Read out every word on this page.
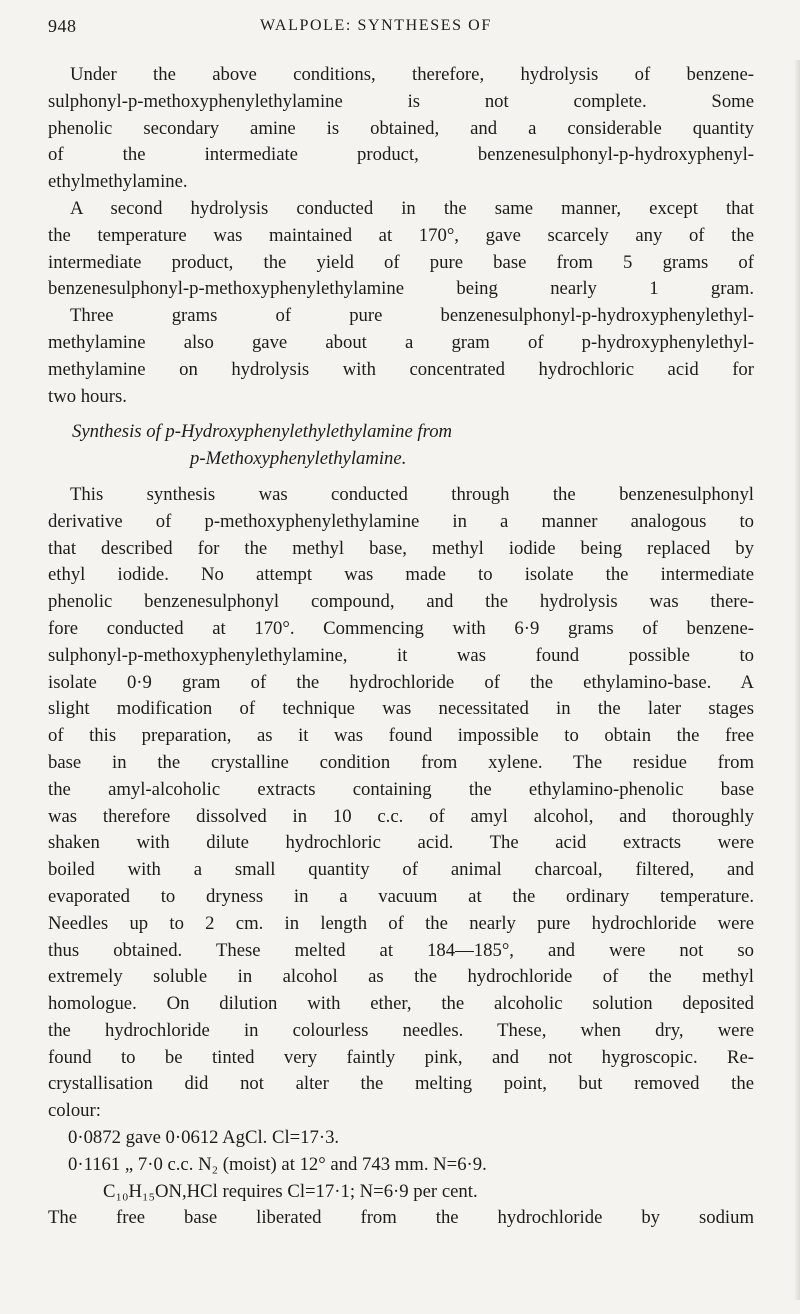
948	WALPOLE: SYNTHESES OF
Under the above conditions, therefore, hydrolysis of benzene-
sulphonyl-p-methoxyphenylethylamine is not complete. Some
phenolic secondary amine is obtained, and a considerable quantity
of the intermediate product, benzenesulphonyl-p-hydroxyphenyl-
ethylmethylamine.
A second hydrolysis conducted in the same manner, except that
the temperature was maintained at 170°, gave scarcely any of the
intermediate product, the yield of pure base from 5 grams of
benzenesulphonyl-p-methoxyphenylethylamine being nearly 1 gram.
Three grams of pure benzenesulphonyl-p-hydroxyphenylethyl-
methylamine also gave about a gram of p-hydroxyphenylethyl-
methylamine on hydrolysis with concentrated hydrochloric acid for
two hours.
Synthesis of p-Hydroxyphenylethylethylamine from
p-Methoxyphenylethylamine.
This synthesis was conducted through the benzenesulphonyl
derivative of p-methoxyphenylethylamine in a manner analogous to
that described for the methyl base, methyl iodide being replaced by
ethyl iodide. No attempt was made to isolate the intermediate
phenolic benzenesulphonyl compound, and the hydrolysis was there-
fore conducted at 170°. Commencing with 6·9 grams of benzene-
sulphonyl-p-methoxyphenylethylamine, it was found possible to
isolate 0·9 gram of the hydrochloride of the ethylamino-base. A
slight modification of technique was necessitated in the later stages
of this preparation, as it was found impossible to obtain the free
base in the crystalline condition from xylene. The residue from
the amyl-alcoholic extracts containing the ethylamino-phenolic base
was therefore dissolved in 10 c.c. of amyl alcohol, and thoroughly
shaken with dilute hydrochloric acid. The acid extracts were
boiled with a small quantity of animal charcoal, filtered, and
evaporated to dryness in a vacuum at the ordinary temperature.
Needles up to 2 cm. in length of the nearly pure hydrochloride were
thus obtained. These melted at 184—185°, and were not so
extremely soluble in alcohol as the hydrochloride of the methyl
homologue. On dilution with ether, the alcoholic solution deposited
the hydrochloride in colourless needles. These, when dry, were
found to be tinted very faintly pink, and not hygroscopic. Re-
crystallisation did not alter the melting point, but removed the
colour:
0·0872 gave 0·0612 AgCl. Cl=17·3.
0·1161 „ 7·0 c.c. N₂ (moist) at 12° and 743 mm. N=6·9.
C₁₀H₁₅ON,HCl requires Cl=17·1; N=6·9 per cent.
The free base liberated from the hydrochloride by sodium
